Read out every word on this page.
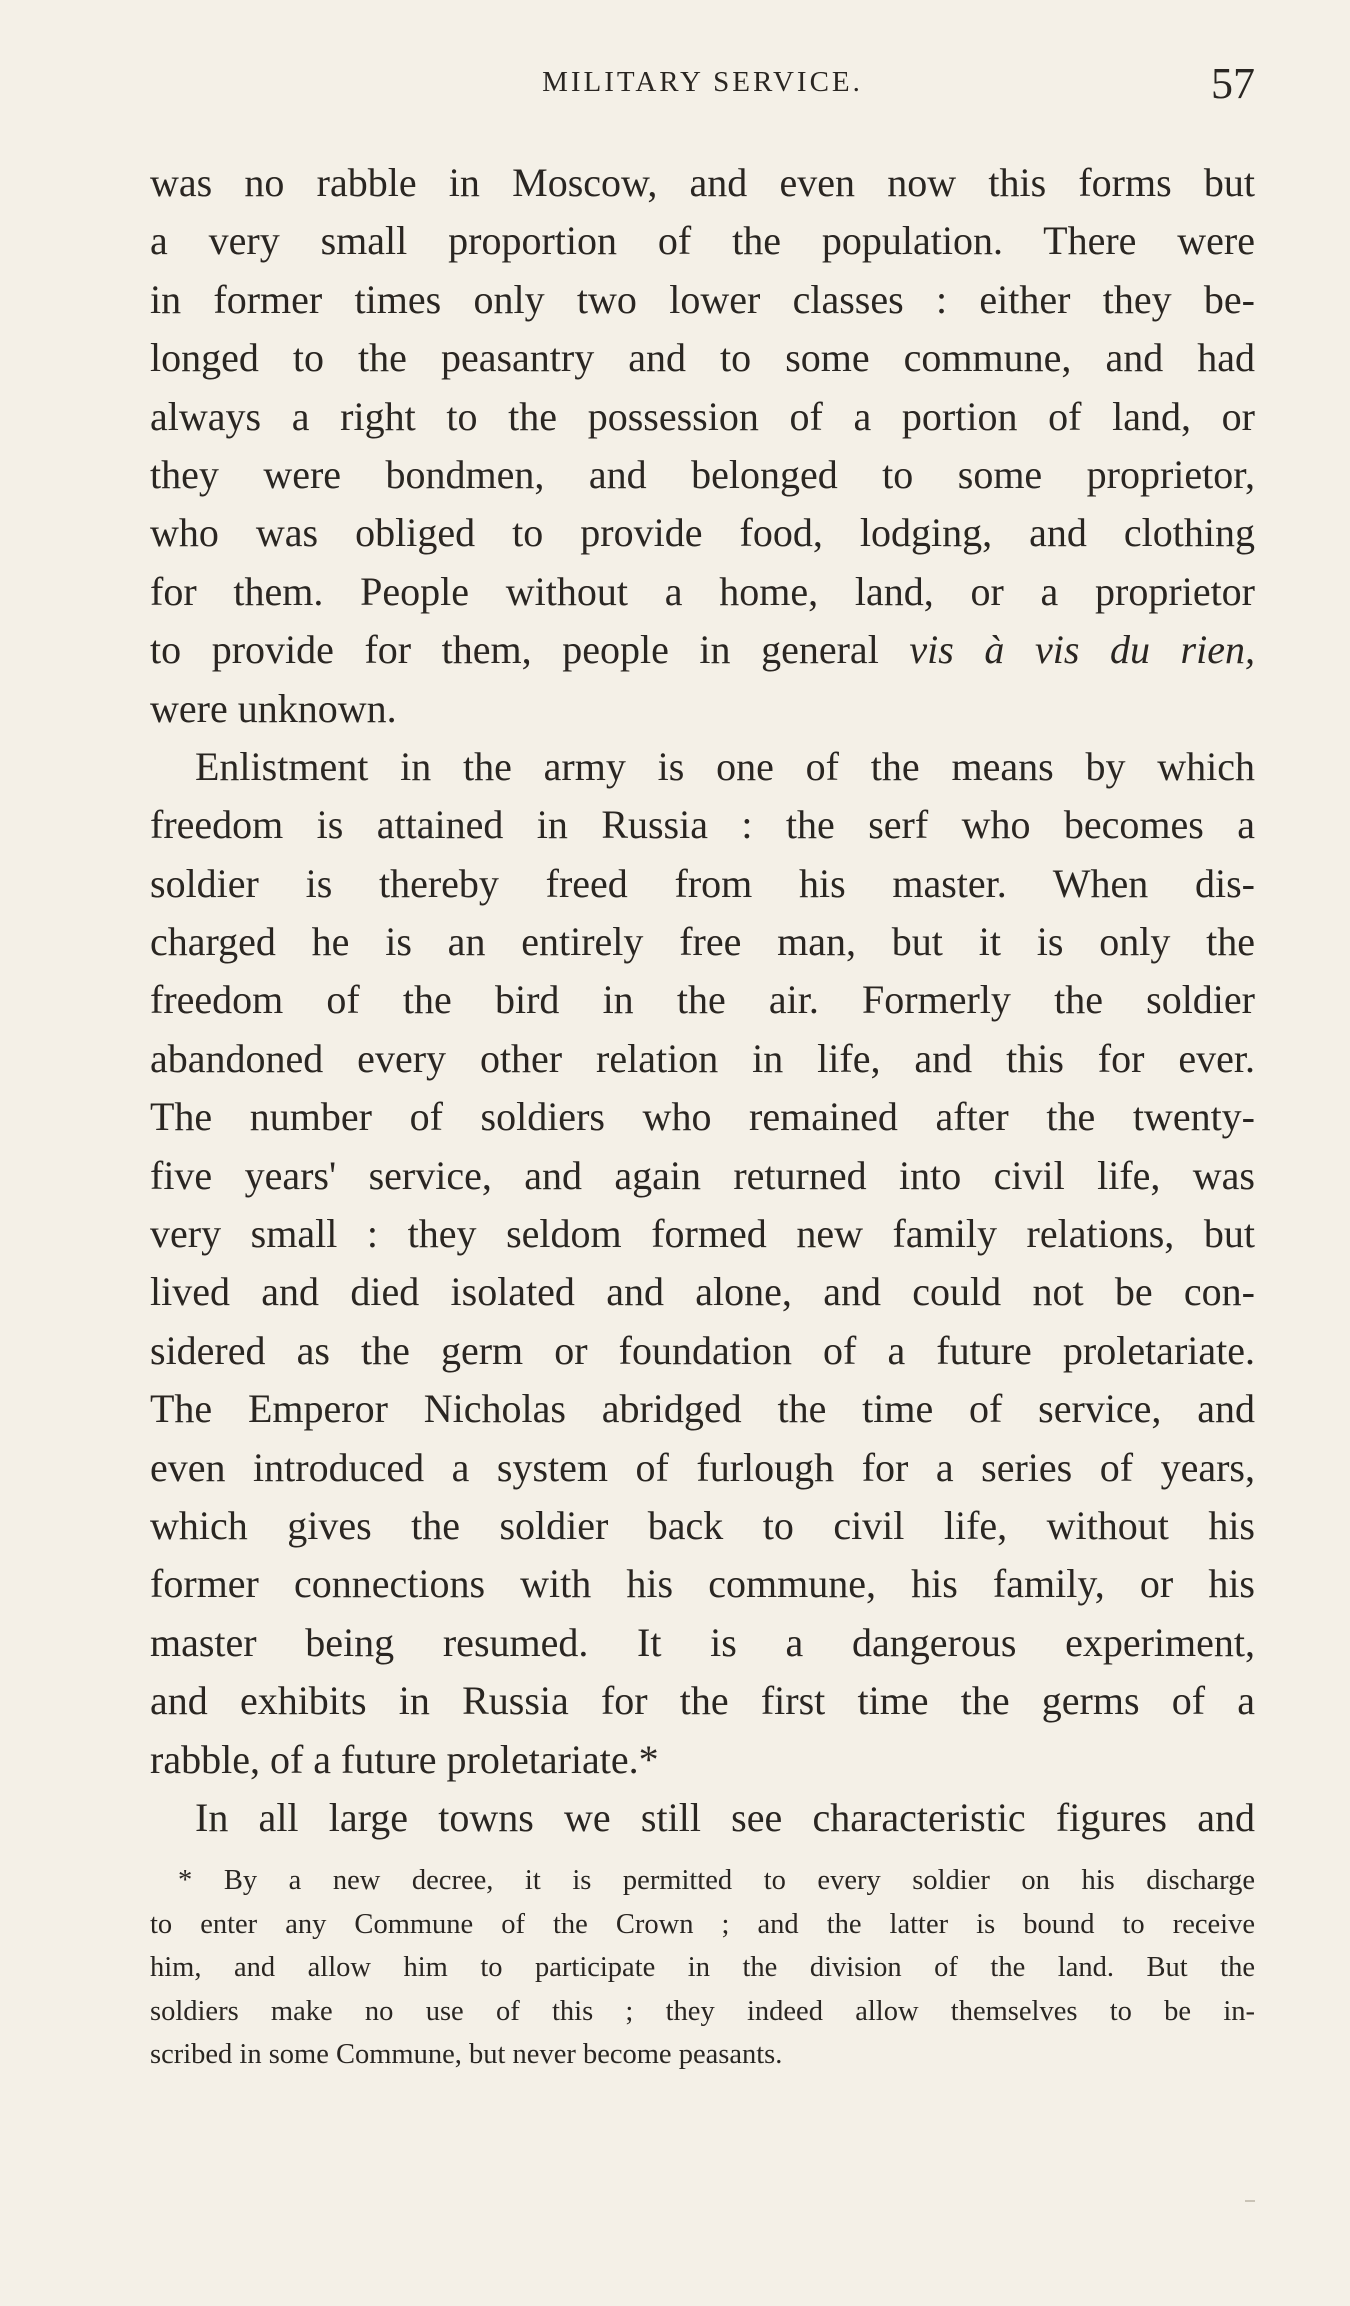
MILITARY SERVICE.	57
was no rabble in Moscow, and even now this forms but
a very small proportion of the population. There were
in former times only two lower classes : either they be-
longed to the peasantry and to some commune, and had
always a right to the possession of a portion of land, or
they were bondmen, and belonged to some proprietor,
who was obliged to provide food, lodging, and clothing
for them. People without a home, land, or a proprietor
to provide for them, people in general vis à vis du rien,
were unknown.
Enlistment in the army is one of the means by which
freedom is attained in Russia : the serf who becomes a
soldier is thereby freed from his master. When dis-
charged he is an entirely free man, but it is only the
freedom of the bird in the air. Formerly the soldier
abandoned every other relation in life, and this for ever.
The number of soldiers who remained after the twenty-
five years' service, and again returned into civil life, was
very small : they seldom formed new family relations, but
lived and died isolated and alone, and could not be con-
sidered as the germ or foundation of a future proletariate.
The Emperor Nicholas abridged the time of service, and
even introduced a system of furlough for a series of years,
which gives the soldier back to civil life, without his
former connections with his commune, his family, or his
master being resumed. It is a dangerous experiment,
and exhibits in Russia for the first time the germs of a
rabble, of a future proletariate.*
In all large towns we still see characteristic figures and
* By a new decree, it is permitted to every soldier on his discharge
to enter any Commune of the Crown ; and the latter is bound to receive
him, and allow him to participate in the division of the land. But the
soldiers make no use of this ; they indeed allow themselves to be in-
scribed in some Commune, but never become peasants.
